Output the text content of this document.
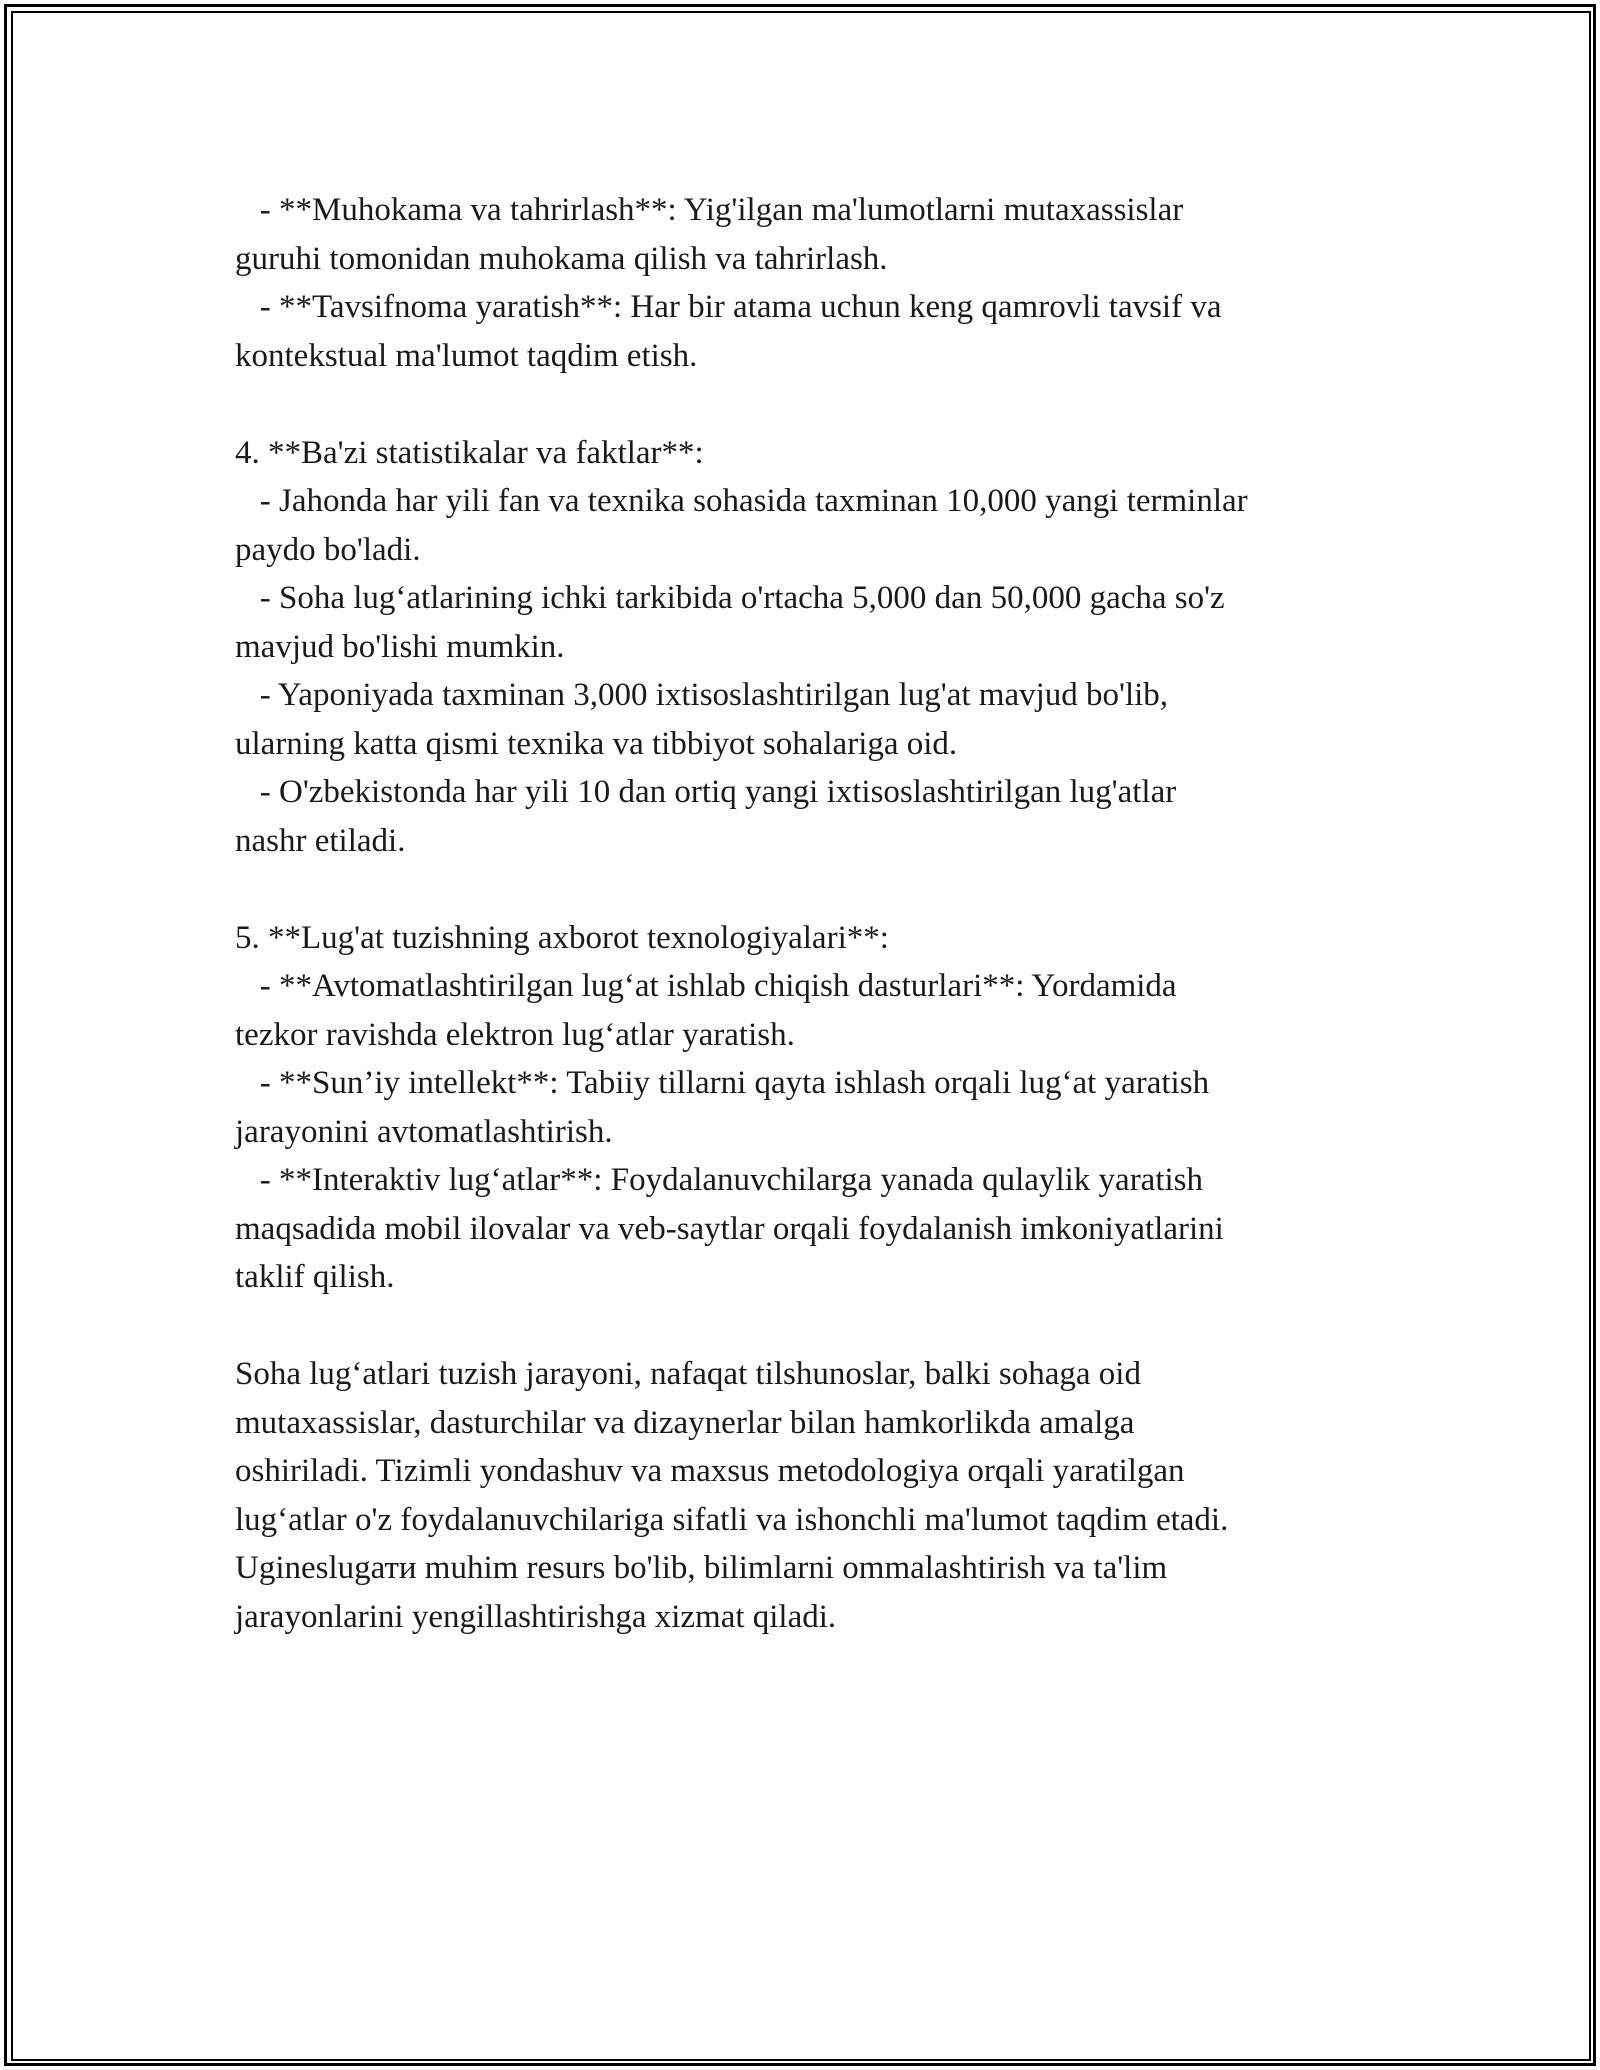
- **Muhokama va tahrirlash**: Yig'ilgan ma'lumotlarni mutaxassislar
guruhi tomonidan muhokama qilish va tahrirlash.
- **Tavsifnoma yaratish**: Har bir atama uchun keng qamrovli tavsif va
kontekstual ma'lumot taqdim etish.
4. **Ba'zi statistikalar va faktlar**:
- Jahonda har yili fan va texnika sohasida taxminan 10,000 yangi terminlar
paydo bo'ladi.
- Soha lug‘atlarining ichki tarkibida o'rtacha 5,000 dan 50,000 gacha so'z
mavjud bo'lishi mumkin.
- Yaponiyada taxminan 3,000 ixtisoslashtirilgan lug'at mavjud bo'lib,
ularning katta qismi texnika va tibbiyot sohalariga oid.
- O'zbekistonda har yili 10 dan ortiq yangi ixtisoslashtirilgan lug'atlar
nashr etiladi.
5. **Lug'at tuzishning axborot texnologiyalari**:
- **Avtomatlashtirilgan lug‘at ishlab chiqish dasturlari**: Yordamida
tezkor ravishda elektron lug‘atlar yaratish.
- **Sun’iy intellekt**: Tabiiy tillarni qayta ishlash orqali lug‘at yaratish
jarayonini avtomatlashtirish.
- **Interaktiv lug‘atlar**: Foydalanuvchilarga yanada qulaylik yaratish
maqsadida mobil ilovalar va veb-saytlar orqali foydalanish imkoniyatlarini
taklif qilish.
Soha lug‘atlari tuzish jarayoni, nafaqat tilshunoslar, balki sohaga oid
mutaxassislar, dasturchilar va dizaynerlar bilan hamkorlikda amalga
oshiriladi. Tizimli yondashuv va maxsus metodologiya orqali yaratilgan
lug‘atlar o'z foydalanuvchilariga sifatli va ishonchli ma'lumot taqdim etadi.
Ugineslugати muhim resurs bo'lib, bilimlarni ommalashtirish va ta'lim
jarayonlarini yengillashtirishga xizmat qiladi.
